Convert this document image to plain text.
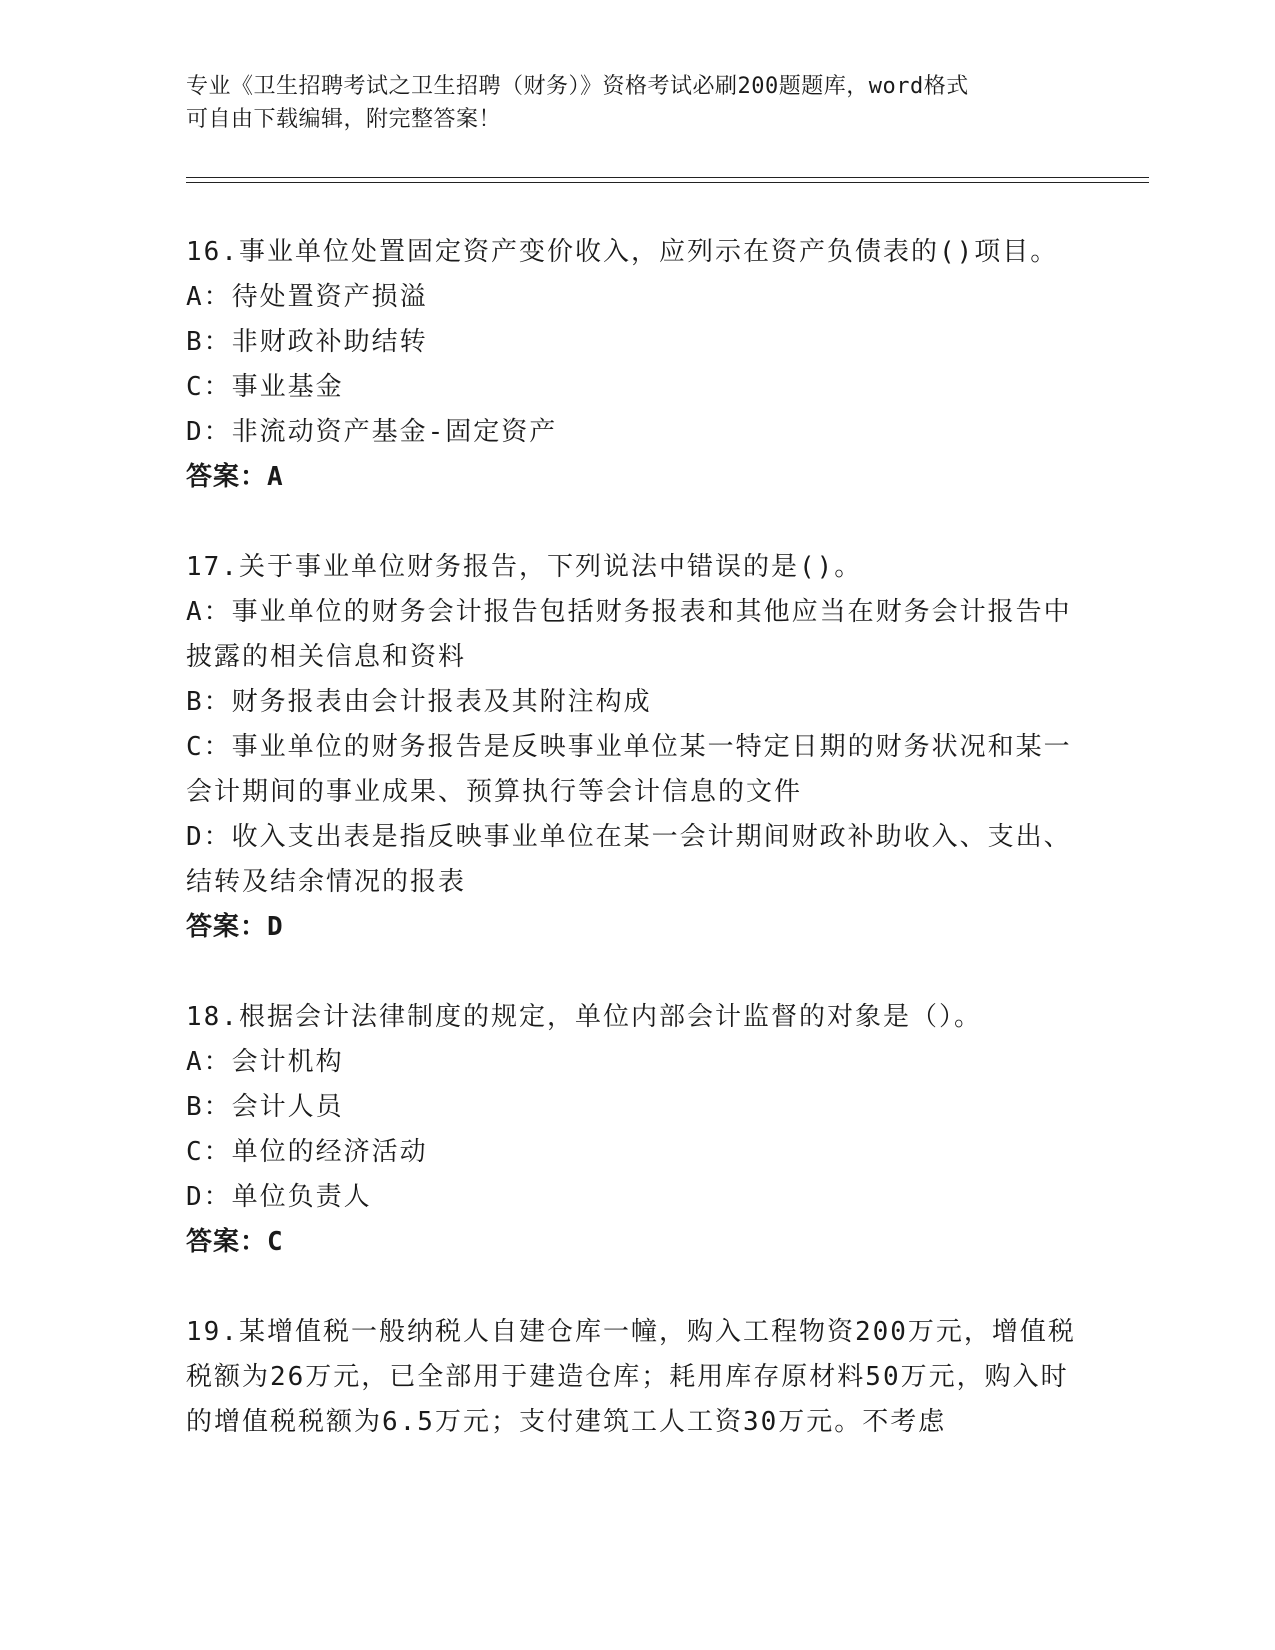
专业《卫生招聘考试之卫生招聘（财务）》资格考试必刷200题题库，word格式
可自由下载编辑，附完整答案！
16.事业单位处置固定资产变价收入，应列示在资产负债表的()项目。
A：待处置资产损溢
B：非财政补助结转
C：事业基金
D：非流动资产基金-固定资产
答案：A
17.关于事业单位财务报告，下列说法中错误的是()。
A：事业单位的财务会计报告包括财务报表和其他应当在财务会计报告中披露的相关信息和资料
B：财务报表由会计报表及其附注构成
C：事业单位的财务报告是反映事业单位某一特定日期的财务状况和某一会计期间的事业成果、预算执行等会计信息的文件
D：收入支出表是指反映事业单位在某一会计期间财政补助收入、支出、结转及结余情况的报表
答案：D
18.根据会计法律制度的规定，单位内部会计监督的对象是（）。
A：会计机构
B：会计人员
C：单位的经济活动
D：单位负责人
答案：C
19.某增值税一般纳税人自建仓库一幢，购入工程物资200万元，增值税税额为26万元，已全部用于建造仓库；耗用库存原材料50万元，购入时的增值税税额为6.5万元；支付建筑工人工资30万元。不考虑
